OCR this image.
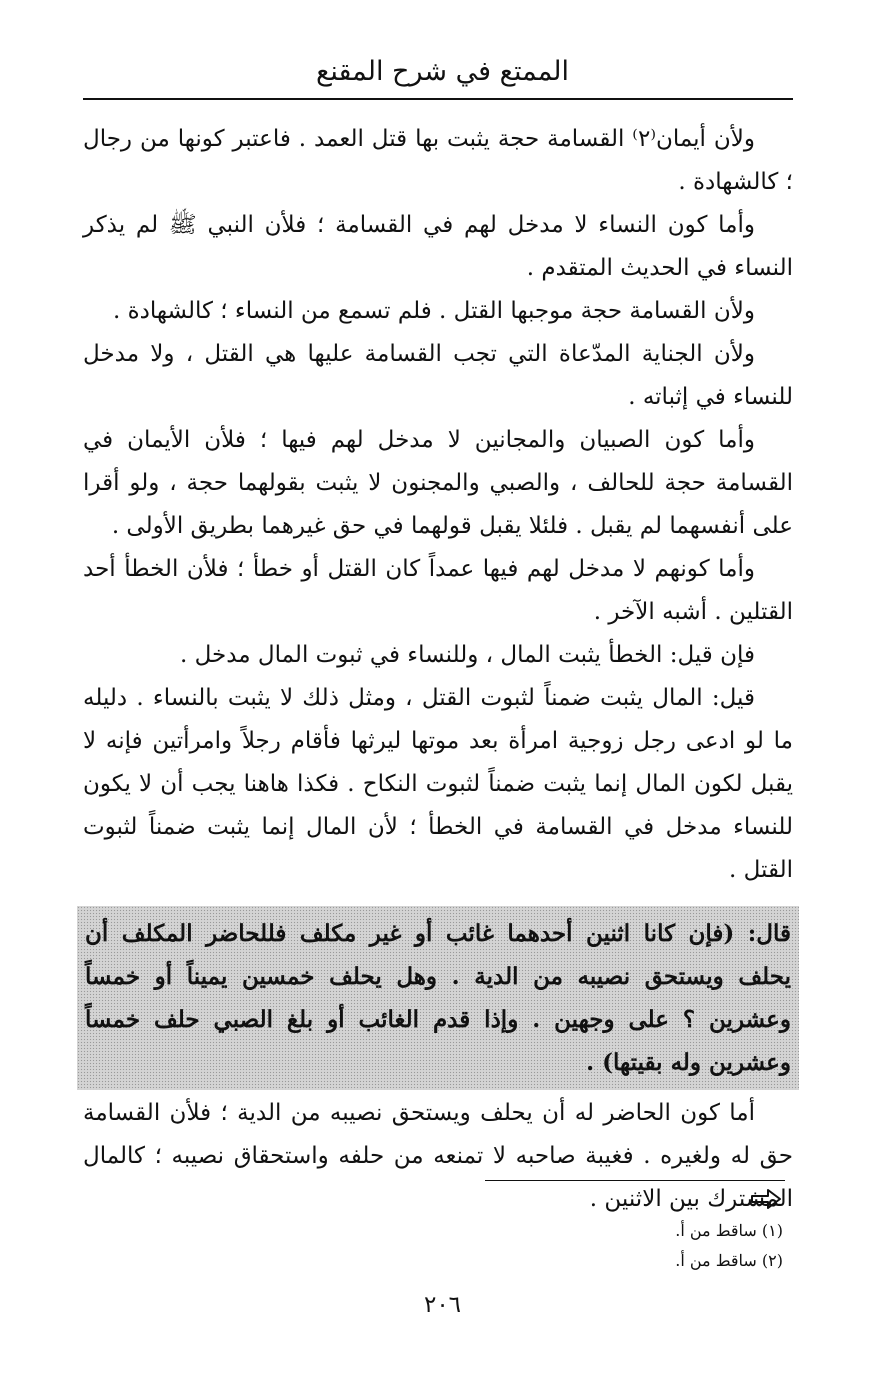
الممتع في شرح المقنع

ولأن أيمان⁽٢⁾ القسامة حجة يثبت بها قتل العمد . فاعتبر كونها من رجال ؛ كالشهادة .

وأما كون النساء لا مدخل لهم في القسامة ؛ فلأن النبي ﷺ لم يذكر النساء في الحديث المتقدم .

ولأن القسامة حجة موجبها القتل . فلم تسمع من النساء ؛ كالشهادة .

ولأن الجناية المدّعاة التي تجب القسامة عليها هي القتل ، ولا مدخل للنساء في إثباته .

وأما كون الصبيان والمجانين لا مدخل لهم فيها ؛ فلأن الأيمان في القسامة حجة للحالف ، والصبي والمجنون لا يثبت بقولهما حجة ، ولو أقرا على أنفسهما لم يقبل . فلئلا يقبل قولهما في حق غيرهما بطريق الأولى .

وأما كونهم لا مدخل لهم فيها عمداً كان القتل أو خطأ ؛ فلأن الخطأ أحد القتلين . أشبه الآخر .

فإن قيل: الخطأ يثبت المال ، وللنساء في ثبوت المال مدخل .

قيل: المال يثبت ضمناً لثبوت القتل ، ومثل ذلك لا يثبت بالنساء . دليله ما لو ادعى رجل زوجية امرأة بعد موتها ليرثها فأقام رجلاً وامرأتين فإنه لا يقبل لكون المال إنما يثبت ضمناً لثبوت النكاح . فكذا هاهنا يجب أن لا يكون للنساء مدخل في القسامة في الخطأ ؛ لأن المال إنما يثبت ضمناً لثبوت القتل .

قال: (فإن كانا اثنين أحدهما غائب أو غير مكلف فللحاضر المكلف أن يحلف ويستحق نصيبه من الدية . وهل يحلف خمسين يميناً أو خمساً وعشرين ؟ على وجهين . وإذا قدم الغائب أو بلغ الصبي حلف خمساً وعشرين وله بقيتها) .

أما كون الحاضر له أن يحلف ويستحق نصيبه من الدية ؛ فلأن القسامة حق له ولغيره . فغيبة صاحبه لا تمنعه من حلفه واستحقاق نصيبه ؛ كالمال المشترك بين الاثنين .

(١) ساقط من أ.

(٢) ساقط من أ.

٢٠٦
